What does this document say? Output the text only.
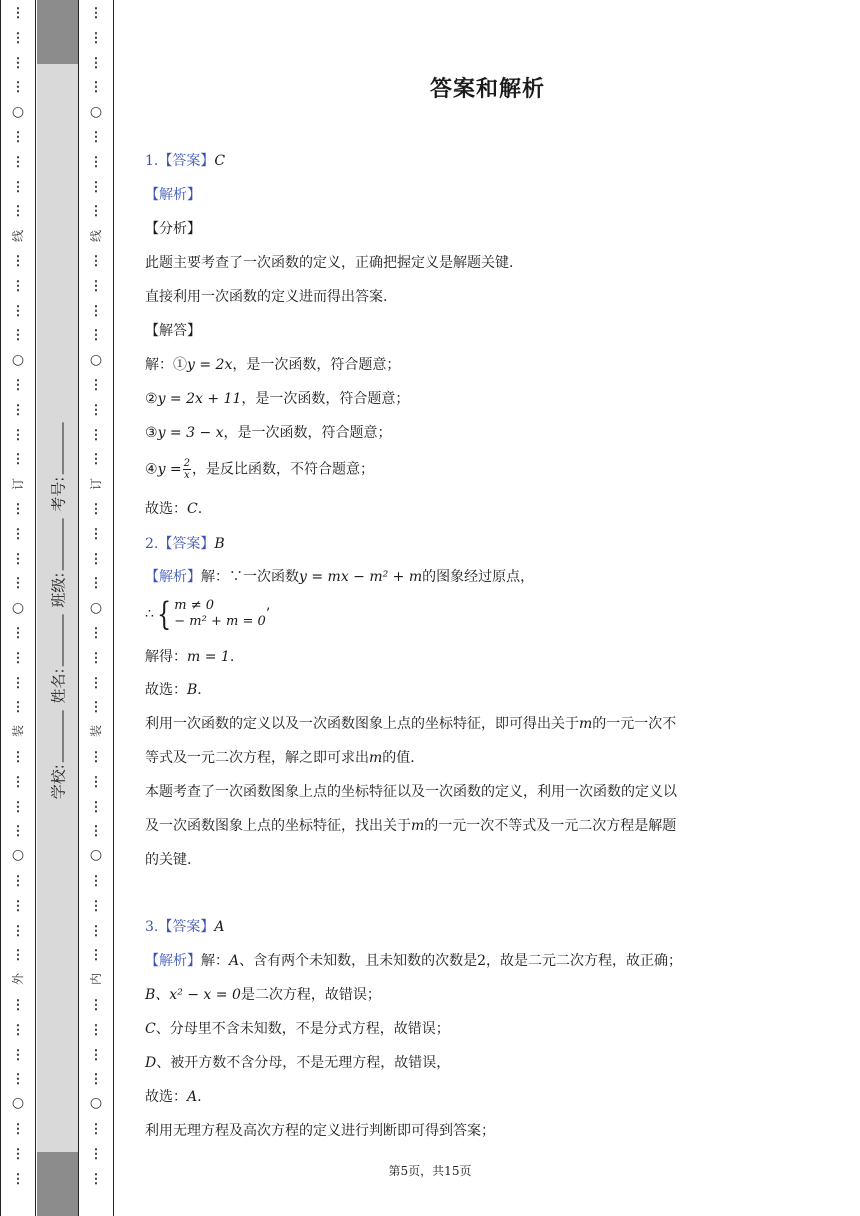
⋮
⋮
⋮
⋮
⋮
⋮
⋮
⋮
⋮
⋮
⋮
⋮
⋮
⋮
⋮
⋮
⋮
⋮
⋮
⋮
⋮
⋮
⋮
⋮
⋮
⋮
⋮
⋮
⋮
⋮
⋮
⋮
⋮
⋮
⋮
⋮
⋮
⋮
⋮
○
○
○
○
○
线
订
装
外
学校: 姓名: 班级: 考号:
⋮
⋮
⋮
⋮
⋮
⋮
⋮
⋮
⋮
⋮
⋮
⋮
⋮
⋮
⋮
⋮
⋮
⋮
⋮
⋮
⋮
⋮
⋮
⋮
⋮
⋮
⋮
⋮
⋮
⋮
⋮
⋮
⋮
⋮
⋮
⋮
⋮
⋮
⋮
○
○
○
○
○
线
订
装
内
答案和解析
1.【答案】C
【解析】
【分析】
此题主要考查了一次函数的定义，正确把握定义是解题关键.
直接利用一次函数的定义进而得出答案.
【解答】
解：①y = 2x，是一次函数，符合题意；
②y = 2x + 11，是一次函数，符合题意；
③y = 3 − x，是一次函数，符合题意；
④y = $\frac{2}{x}$ ，是反比函数，不符合题意；
故选：C.
2.【答案】B
【解析】解：∵一次函数y = mx − m² + m的图象经过原点，
∴ { m ≠ 0
− m² + m = 0 ’
解得：m = 1.
故选：B.
利用一次函数的定义以及一次函数图象上点的坐标特征，即可得出关于m的一元一次不
等式及一元二次方程，解之即可求出m的值.
本题考查了一次函数图象上点的坐标特征以及一次函数的定义，利用一次函数的定义以
及一次函数图象上点的坐标特征，找出关于m的一元一次不等式及一元二次方程是解题
的关键.
3.【答案】A
【解析】解：A、含有两个未知数，且未知数的次数是2，故是二元二次方程，故正确；
B、x² − x = 0是二次方程，故错误；
C、分母里不含未知数，不是分式方程，故错误；
D、被开方数不含分母，不是无理方程，故错误，
故选：A.
利用无理方程及高次方程的定义进行判断即可得到答案；
第5页，共15页
